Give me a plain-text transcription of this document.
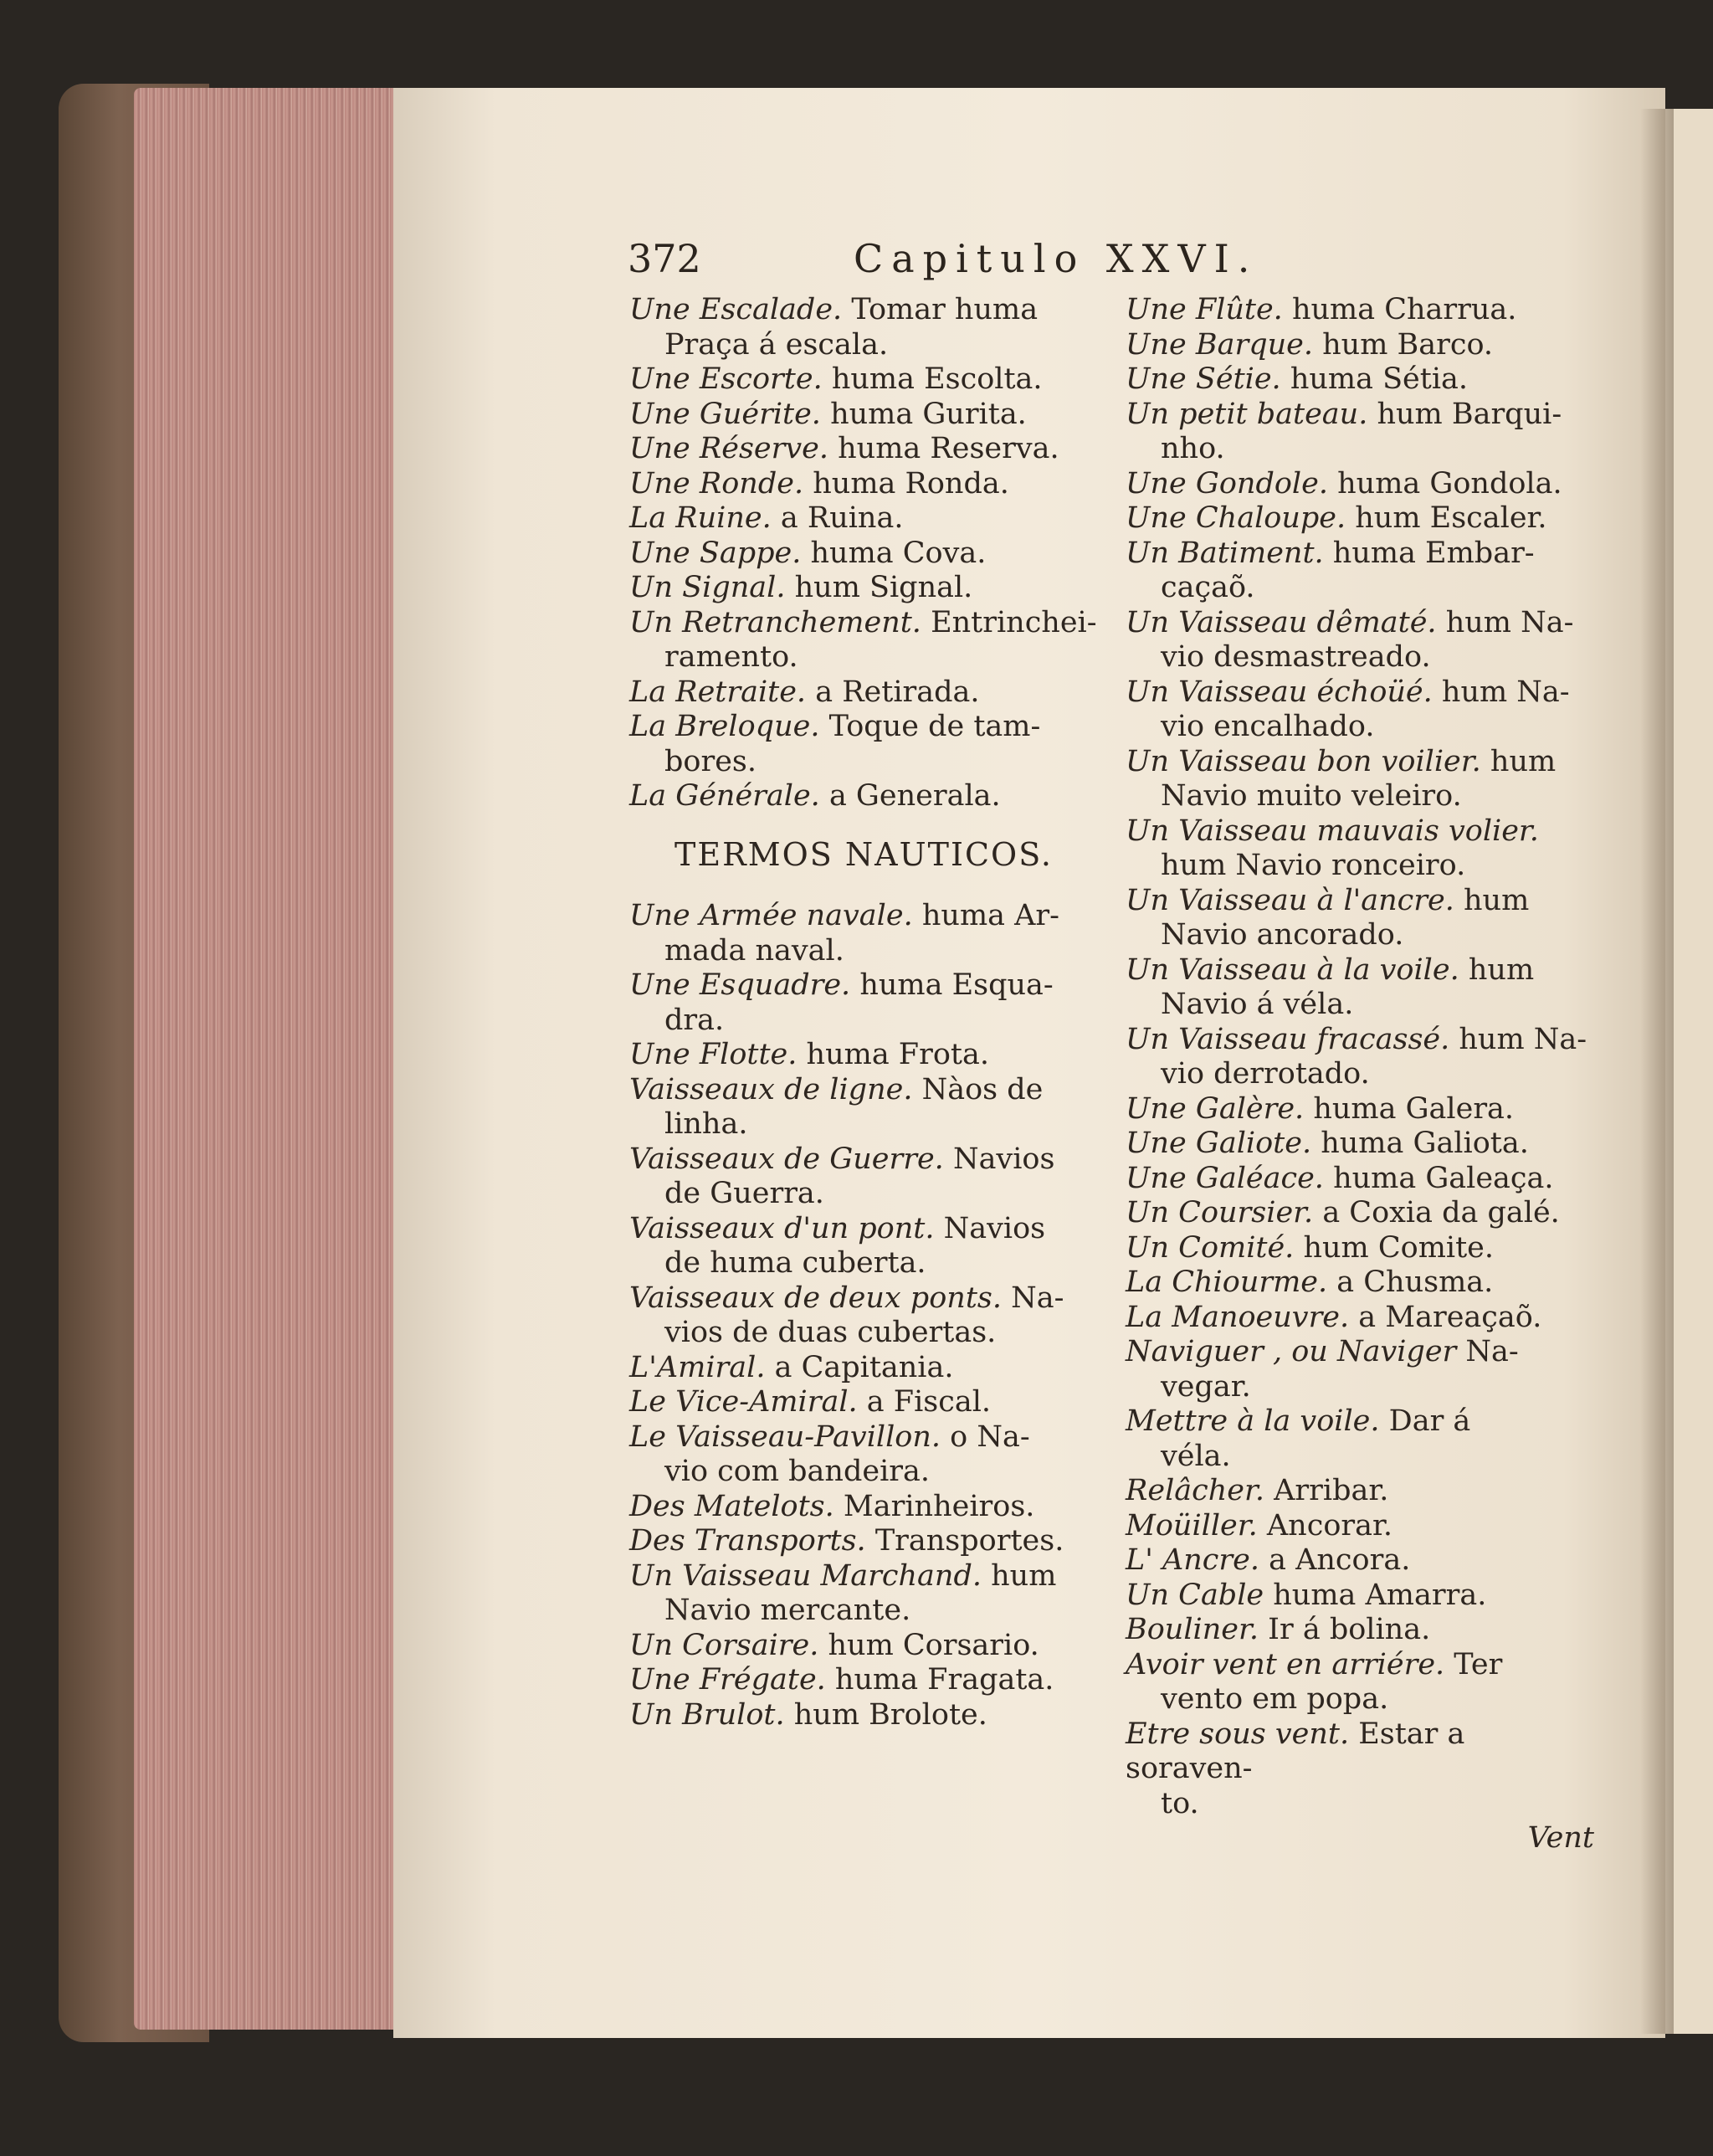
372	Capitulo XXVI.
Une Escalade. Tomar huma
Praça á escala.
Une Escorte. huma Escolta.
Une Guérite. huma Gurita.
Une Réserve. huma Reserva.
Une Ronde. huma Ronda.
La Ruine. a Ruina.
Une Sappe. huma Cova.
Un Signal. hum Signal.
Un Retranchement. Entrinchei-
ramento.
La Retraite. a Retirada.
La Breloque. Toque de tam-
bores.
La Générale. a Generala.
TERMOS NAUTICOS.
Une Armée navale. huma Ar-
mada naval.
Une Esquadre. huma Esqua-
dra.
Une Flotte. huma Frota.
Vaisseaux de ligne. Nàos de
linha.
Vaisseaux de Guerre. Navios
de Guerra.
Vaisseaux d'un pont. Navios
de huma cuberta.
Vaisseaux de deux ponts. Na-
vios de duas cubertas.
L'Amiral. a Capitania.
Le Vice-Amiral. a Fiscal.
Le Vaisseau-Pavillon. o Na-
vio com bandeira.
Des Matelots. Marinheiros.
Des Transports. Transportes.
Un Vaisseau Marchand. hum
Navio mercante.
Un Corsaire. hum Corsario.
Une Frégate. huma Fragata.
Un Brulot. hum Brolote.
Une Flûte. huma Charrua.
Une Barque. hum Barco.
Une Sétie. huma Sétia.
Un petit bateau. hum Barqui-
nho.
Une Gondole. huma Gondola.
Une Chaloupe. hum Escaler.
Un Batiment. huma Embar-
caçaõ.
Un Vaisseau dêmaté. hum Na-
vio desmastreado.
Un Vaisseau échoüé. hum Na-
vio encalhado.
Un Vaisseau bon voilier. hum
Navio muito veleiro.
Un Vaisseau mauvais volier.
hum Navio ronceiro.
Un Vaisseau à l'ancre. hum
Navio ancorado.
Un Vaisseau à la voile. hum
Navio á véla.
Un Vaisseau fracassé. hum Na-
vio derrotado.
Une Galère. huma Galera.
Une Galiote. huma Galiota.
Une Galéace. huma Galeaça.
Un Coursier. a Coxia da galé.
Un Comité. hum Comite.
La Chiourme. a Chusma.
La Manoeuvre. a Mareaçaõ.
Naviguer , ou Naviger Na-
vegar.
Mettre à la voile. Dar á
véla.
Relâcher. Arribar.
Moüiller. Ancorar.
L' Ancre. a Ancora.
Un Cable huma Amarra.
Bouliner. Ir á bolina.
Avoir vent en arriére. Ter
vento em popa.
Etre sous vent. Estar a soraven-
to.
Vent
